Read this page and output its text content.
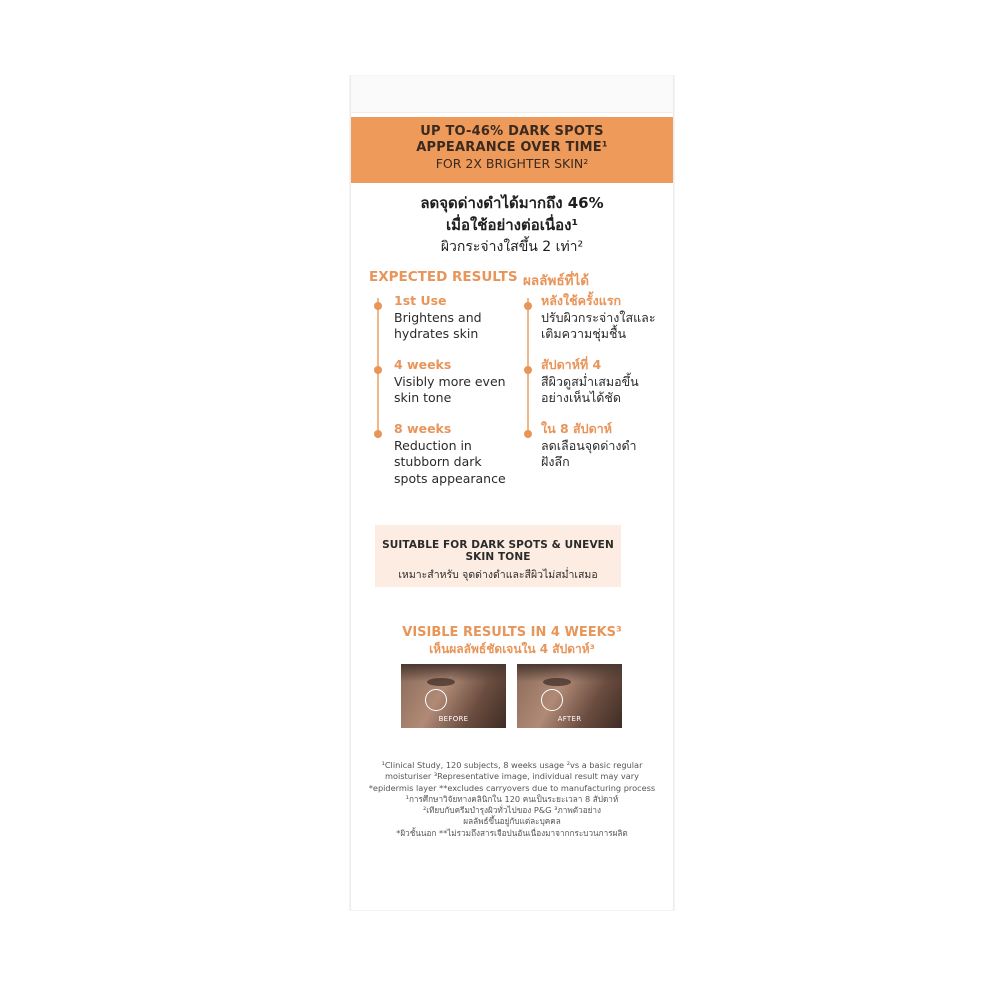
UP TO-46% DARK SPOTS
APPEARANCE OVER TIME¹
FOR 2X BRIGHTER SKIN²
ลดจุดด่างดำได้มากถึง 46%
เมื่อใช้อย่างต่อเนื่อง¹
ผิวกระจ่างใสขึ้น 2 เท่า²
EXPECTED RESULTS ผลลัพธ์ที่ได้
1st Use
Brightens and
hydrates skin
4 weeks
Visibly more even
skin tone
8 weeks
Reduction in
stubborn dark
spots appearance
หลังใช้ครั้งแรก
ปรับผิวกระจ่างใสและ
เติมความชุ่มชื้น
สัปดาห์ที่ 4
สีผิวดูสม่ำเสมอขึ้น
อย่างเห็นได้ชัด
ใน 8 สัปดาห์
ลดเลือนจุดด่างดำ
ฝังลึก
SUITABLE FOR DARK SPOTS & UNEVEN SKIN TONE
เหมาะสำหรับ จุดด่างดำและสีผิวไม่สม่ำเสมอ
VISIBLE RESULTS IN 4 WEEKS³
เห็นผลลัพธ์ชัดเจนใน 4 สัปดาห์³
BEFORE	AFTER
¹Clinical Study, 120 subjects, 8 weeks usage ²vs a basic regular
moisturiser ³Representative image, individual result may vary
*epidermis layer **excludes carryovers due to manufacturing process
¹การศึกษาวิจัยทางคลินิกใน 120 คนเป็นระยะเวลา 8 สัปดาห์
²เทียบกับครีมบำรุงผิวทั่วไปของ P&G ³ภาพตัวอย่าง
ผลลัพธ์ขึ้นอยู่กับแต่ละบุคคล
*ผิวชั้นนอก **ไม่รวมถึงสารเจือปนอันเนื่องมาจากกระบวนการผลิต
